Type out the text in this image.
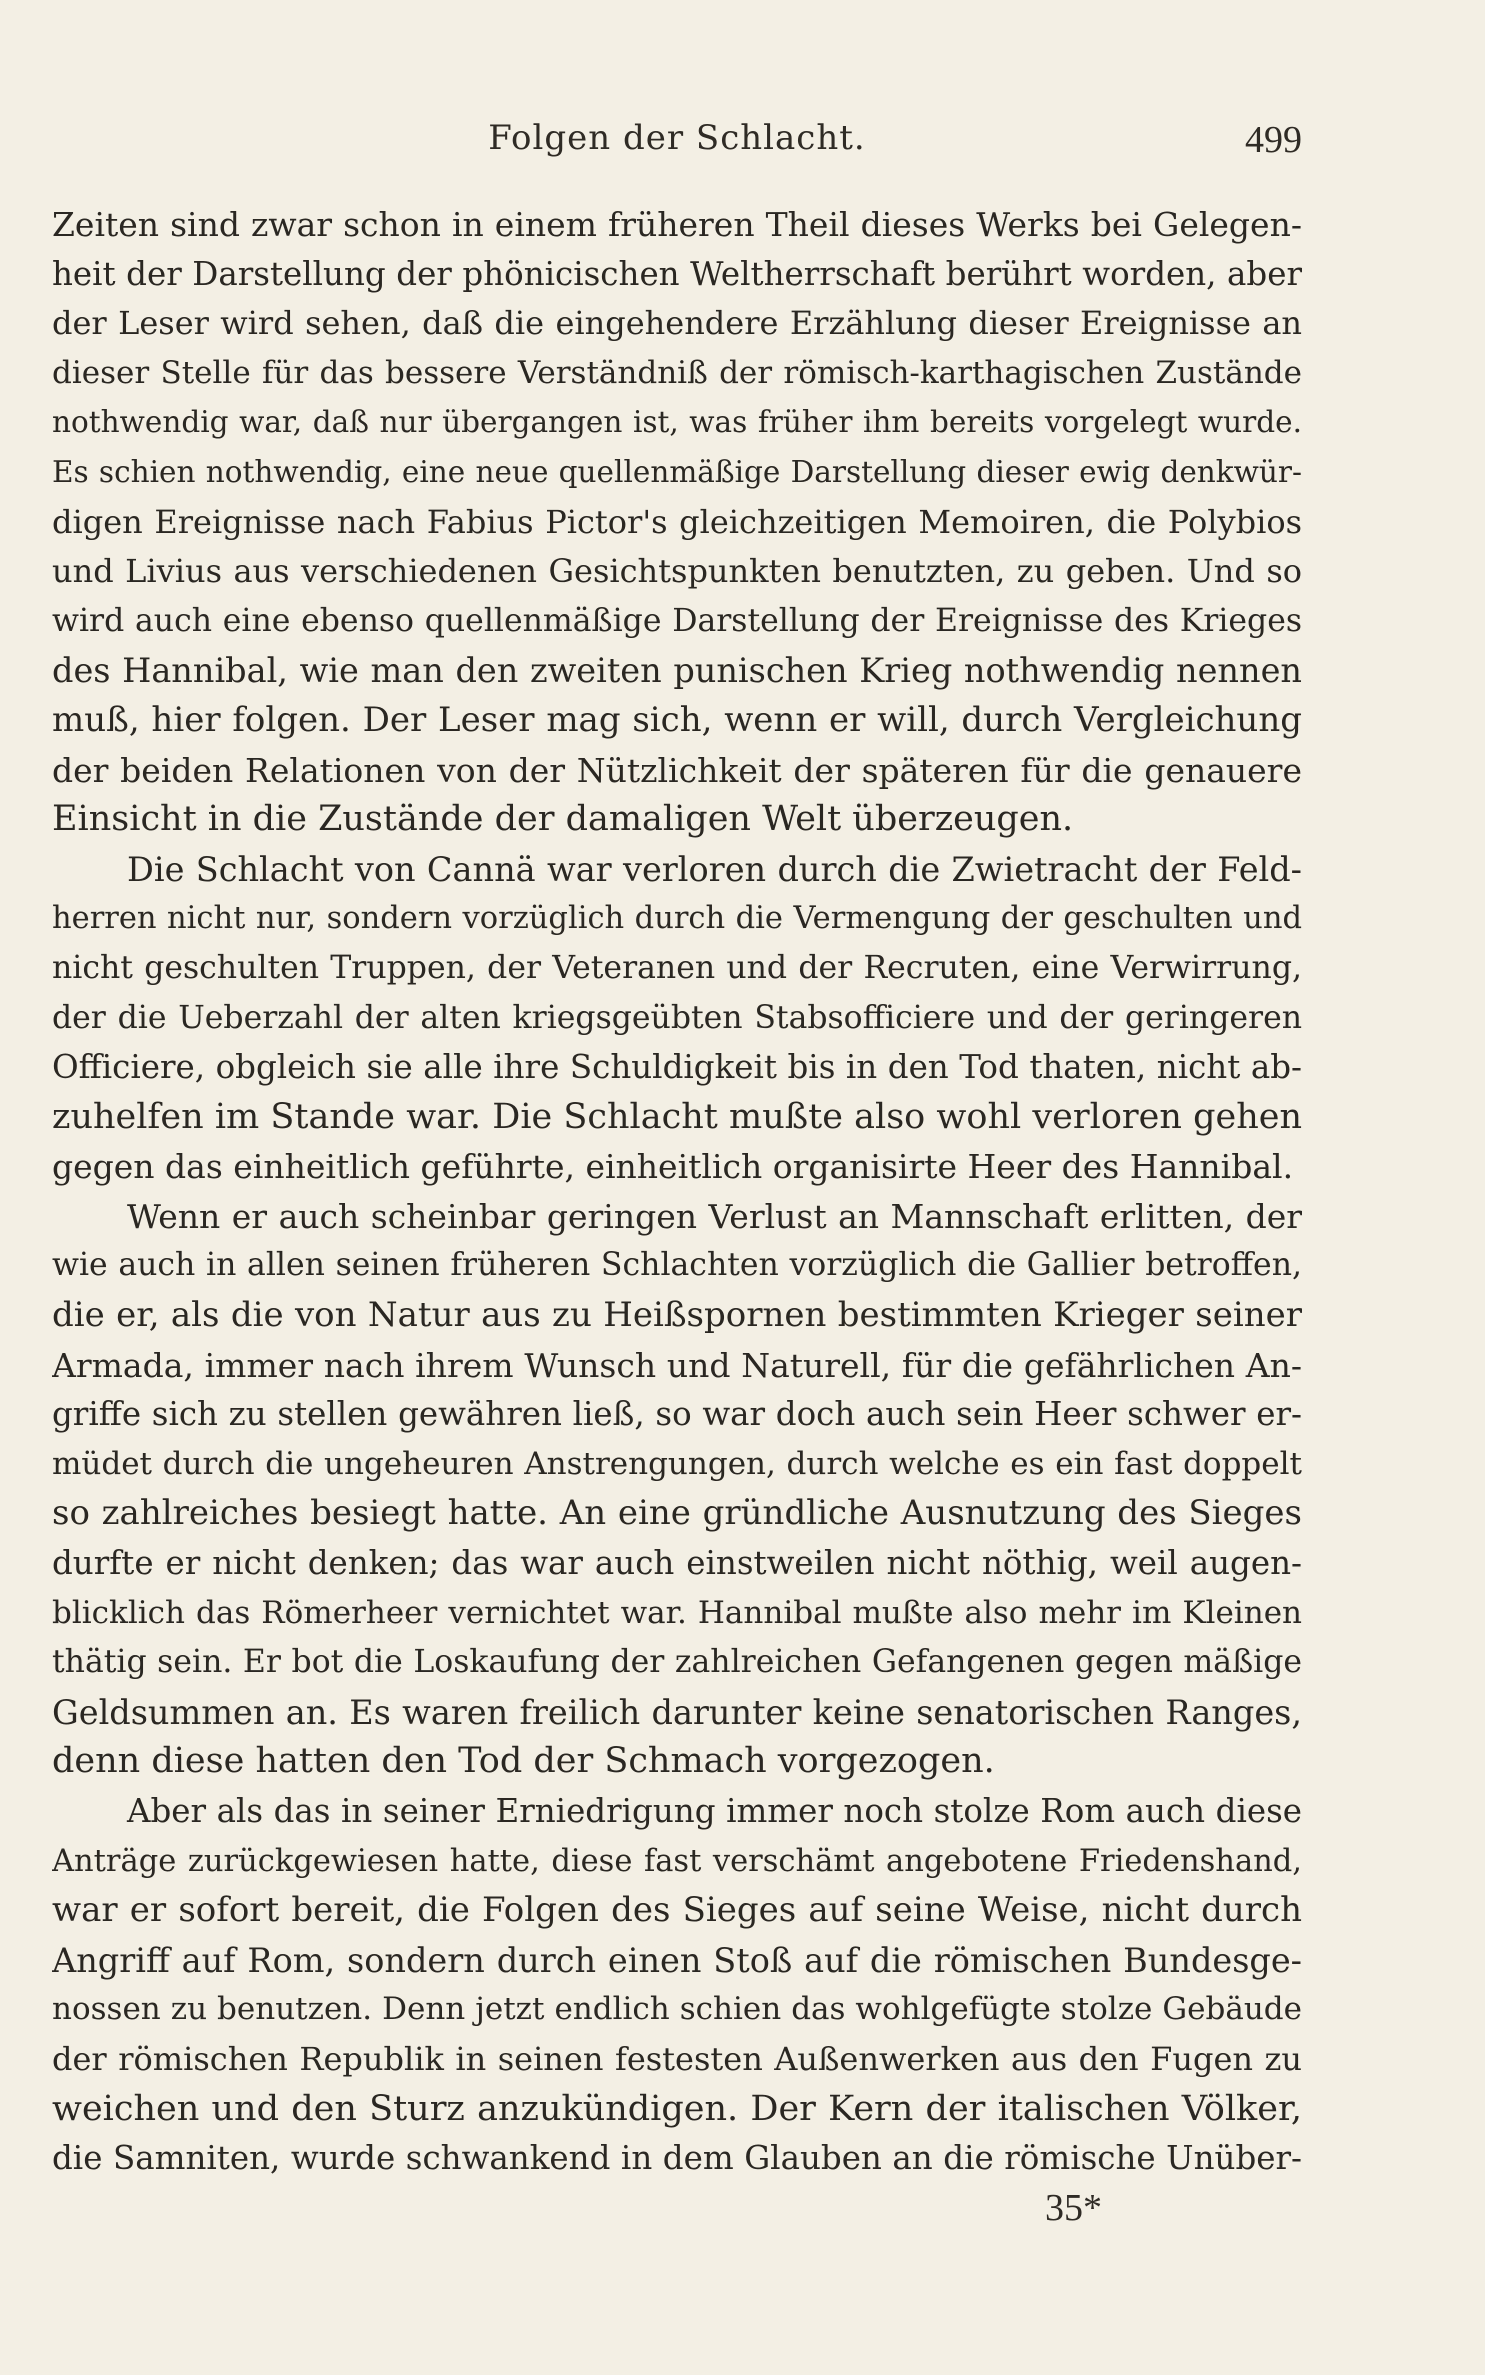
Folgen der Schlacht.	499
Zeiten sind zwar schon in einem früheren Theil dieses Werks bei Gelegen-
heit der Darstellung der phönicischen Weltherrschaft berührt worden, aber
der Leser wird sehen, daß die eingehendere Erzählung dieser Ereignisse an
dieser Stelle für das bessere Verständniß der römisch-karthagischen Zustände
nothwendig war, daß nur übergangen ist, was früher ihm bereits vorgelegt wurde.
Es schien nothwendig, eine neue quellenmäßige Darstellung dieser ewig denkwür-
digen Ereignisse nach Fabius Pictor's gleichzeitigen Memoiren, die Polybios
und Livius aus verschiedenen Gesichtspunkten benutzten, zu geben. Und so
wird auch eine ebenso quellenmäßige Darstellung der Ereignisse des Krieges
des Hannibal, wie man den zweiten punischen Krieg nothwendig nennen
muß, hier folgen. Der Leser mag sich, wenn er will, durch Vergleichung
der beiden Relationen von der Nützlichkeit der späteren für die genauere
Einsicht in die Zustände der damaligen Welt überzeugen.
Die Schlacht von Cannä war verloren durch die Zwietracht der Feld-
herren nicht nur, sondern vorzüglich durch die Vermengung der geschulten und
nicht geschulten Truppen, der Veteranen und der Recruten, eine Verwirrung,
der die Ueberzahl der alten kriegsgeübten Stabsofficiere und der geringeren
Officiere, obgleich sie alle ihre Schuldigkeit bis in den Tod thaten, nicht ab-
zuhelfen im Stande war. Die Schlacht mußte also wohl verloren gehen
gegen das einheitlich geführte, einheitlich organisirte Heer des Hannibal.
Wenn er auch scheinbar geringen Verlust an Mannschaft erlitten, der
wie auch in allen seinen früheren Schlachten vorzüglich die Gallier betroffen,
die er, als die von Natur aus zu Heißspornen bestimmten Krieger seiner
Armada, immer nach ihrem Wunsch und Naturell, für die gefährlichen An-
griffe sich zu stellen gewähren ließ, so war doch auch sein Heer schwer er-
müdet durch die ungeheuren Anstrengungen, durch welche es ein fast doppelt
so zahlreiches besiegt hatte. An eine gründliche Ausnutzung des Sieges
durfte er nicht denken; das war auch einstweilen nicht nöthig, weil augen-
blicklich das Römerheer vernichtet war. Hannibal mußte also mehr im Kleinen
thätig sein. Er bot die Loskaufung der zahlreichen Gefangenen gegen mäßige
Geldsummen an. Es waren freilich darunter keine senatorischen Ranges,
denn diese hatten den Tod der Schmach vorgezogen.
Aber als das in seiner Erniedrigung immer noch stolze Rom auch diese
Anträge zurückgewiesen hatte, diese fast verschämt angebotene Friedenshand,
war er sofort bereit, die Folgen des Sieges auf seine Weise, nicht durch
Angriff auf Rom, sondern durch einen Stoß auf die römischen Bundesge-
nossen zu benutzen. Denn jetzt endlich schien das wohlgefügte stolze Gebäude
der römischen Republik in seinen festesten Außenwerken aus den Fugen zu
weichen und den Sturz anzukündigen. Der Kern der italischen Völker,
die Samniten, wurde schwankend in dem Glauben an die römische Unüber-
35*
